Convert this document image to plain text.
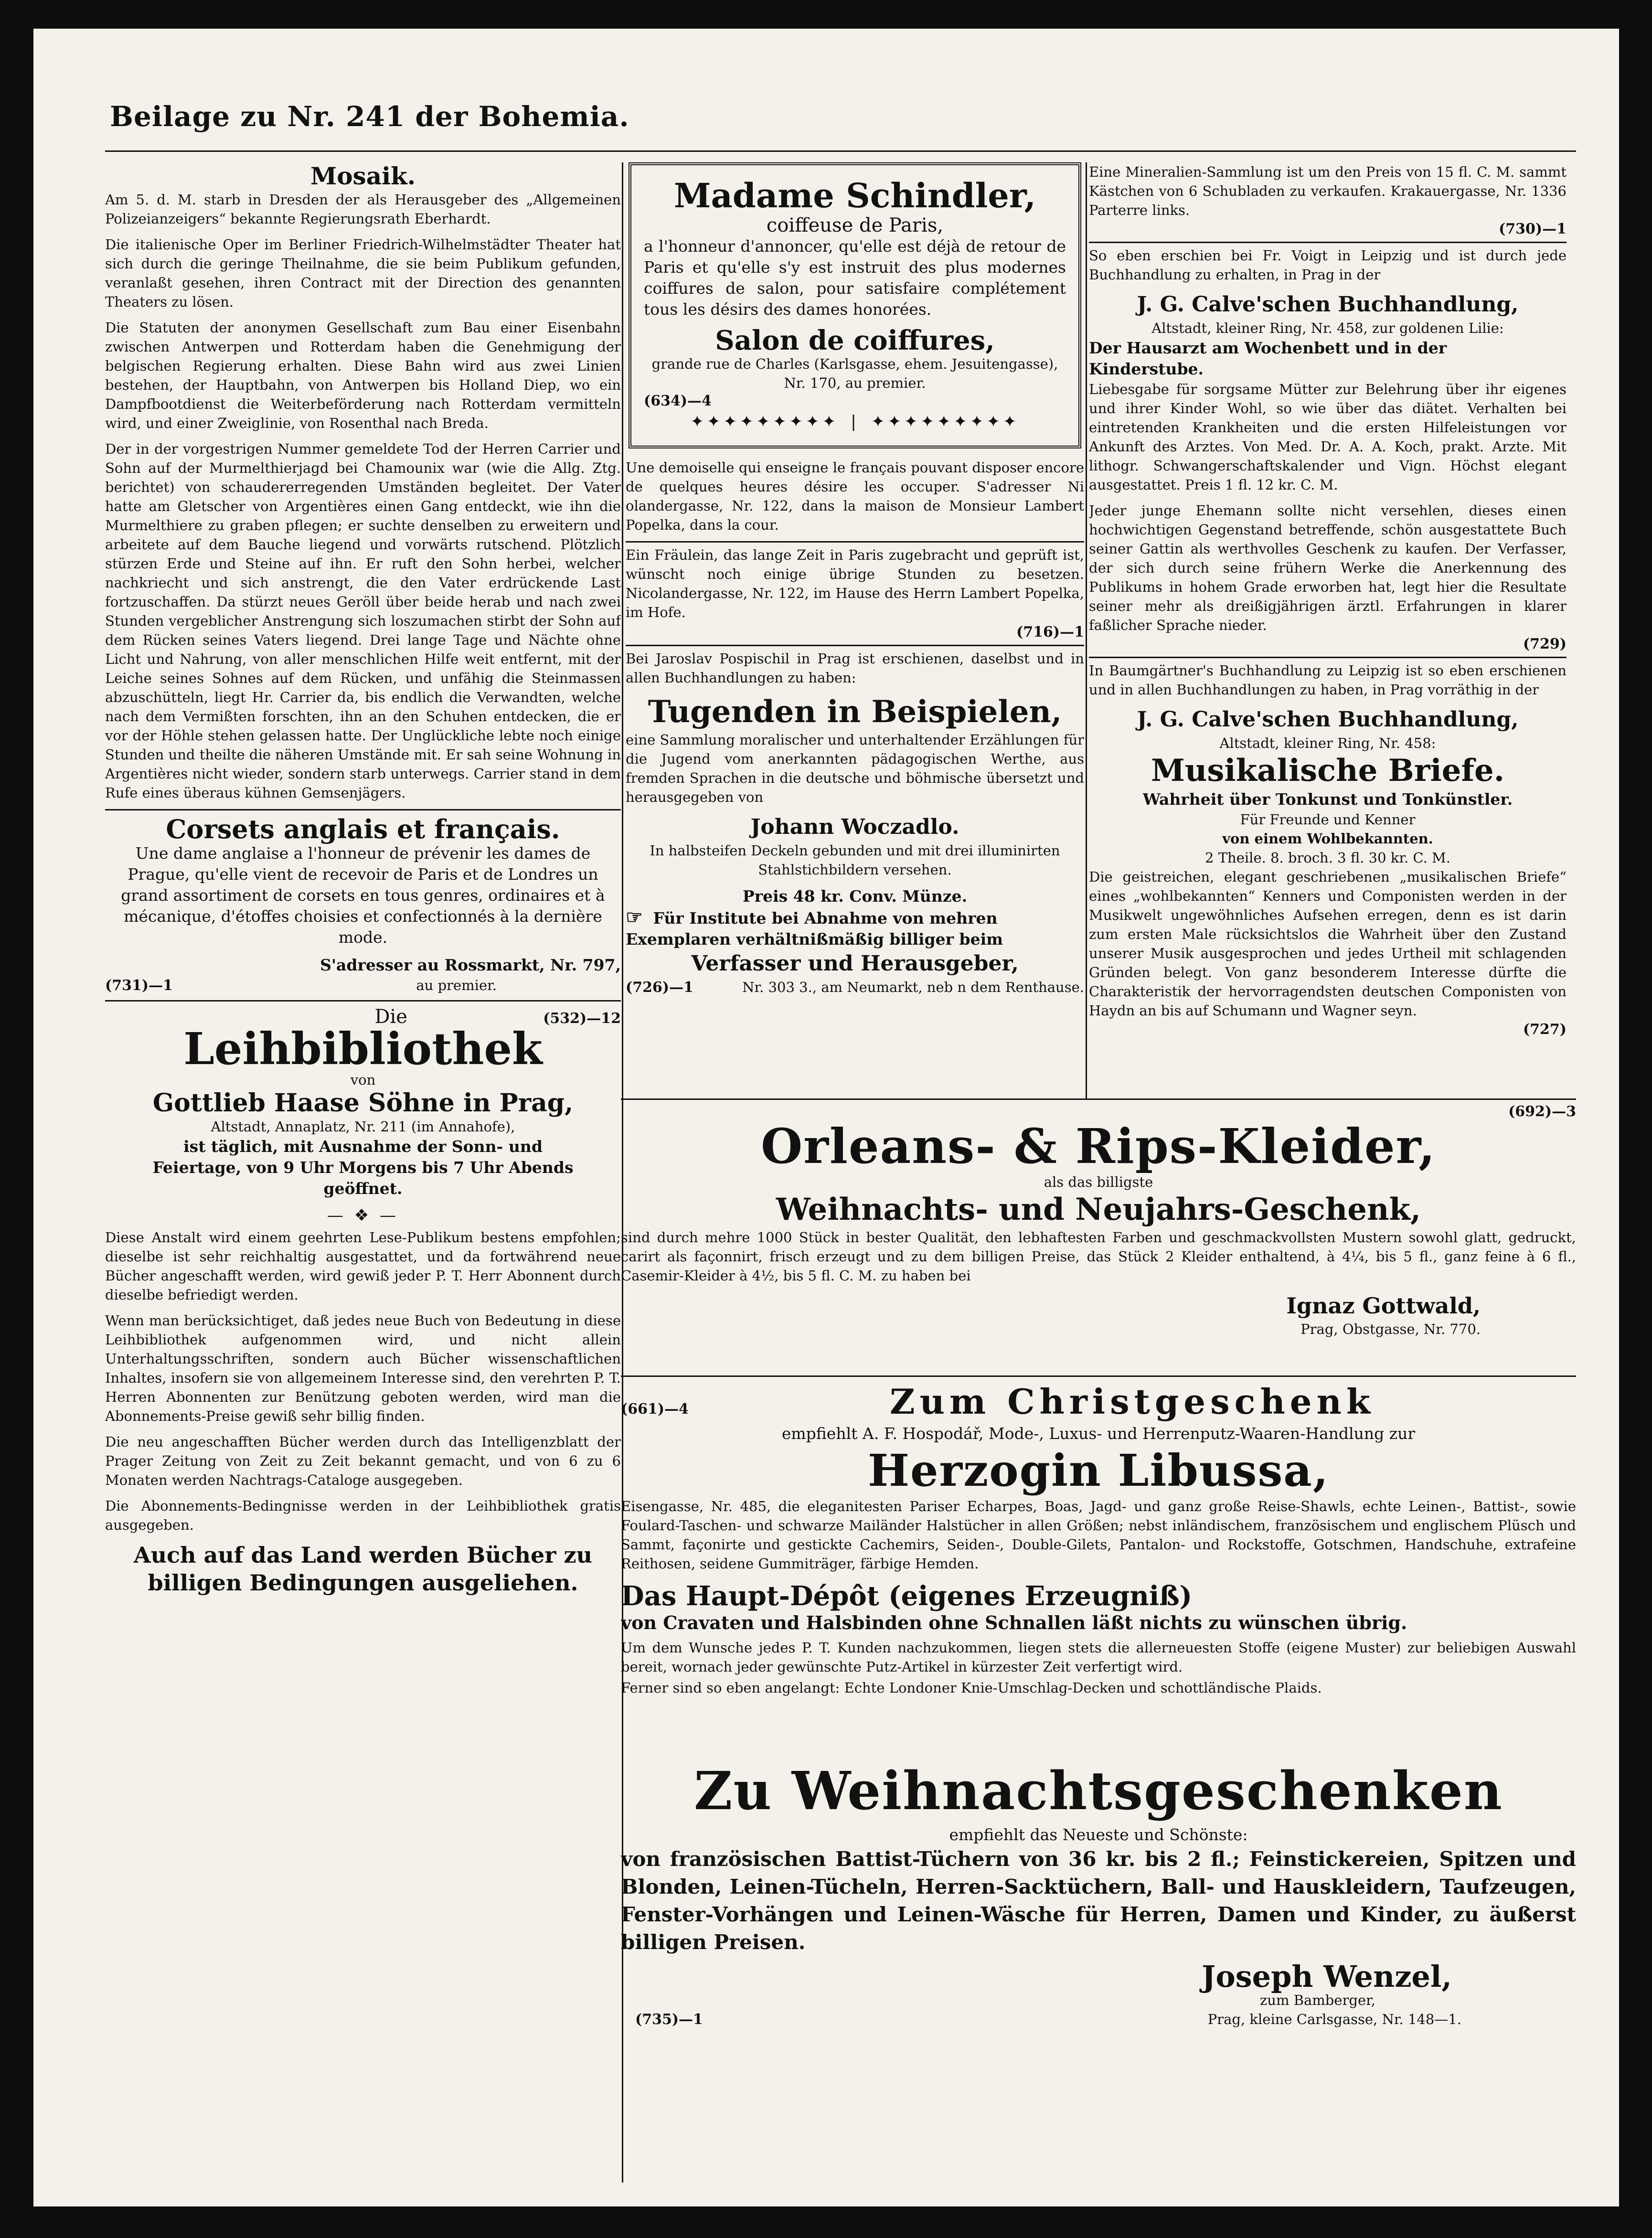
Beilage zu Nr. 241 der Bohemia.
Mosaik.

Am 5. d. M. starb in Dresden der als Herausgeber des „Allgemeinen Polizeianzeigers“ bekannte Regierungsrath Eberhardt.

Die italienische Oper im Berliner Friedrich-Wilhelmstädter Theater hat sich durch die geringe Theilnahme, die sie beim Publikum gefunden, veranlaßt gesehen, ihren Contract mit der Direction des genannten Theaters zu lösen.

Die Statuten der anonymen Gesellschaft zum Bau einer Eisenbahn zwischen Antwerpen und Rotterdam haben die Genehmigung der belgischen Regierung erhalten. Diese Bahn wird aus zwei Linien bestehen, der Hauptbahn, von Antwerpen bis Holland Diep, wo ein Dampfbootdienst die Weiterbeförderung nach Rotterdam vermitteln wird, und einer Zweiglinie, von Rosenthal nach Breda.

Der in der vorgestrigen Nummer gemeldete Tod der Herren Carrier und Sohn auf der Murmelthierjagd bei Chamounix war (wie die Allg. Ztg. berichtet) von schaudererregenden Umständen begleitet. Der Vater hatte am Gletscher von Argentières einen Gang entdeckt, wie ihn die Murmelthiere zu graben pflegen; er suchte denselben zu erweitern und arbeitete auf dem Bauche liegend und vorwärts rutschend. Plötzlich stürzen Erde und Steine auf ihn. Er ruft den Sohn herbei, welcher nachkriecht und sich anstrengt, die den Vater erdrückende Last fortzuschaffen. Da stürzt neues Geröll über beide herab und nach zwei Stunden vergeblicher Anstrengung sich loszumachen stirbt der Sohn auf dem Rücken seines Vaters liegend. Drei lange Tage und Nächte ohne Licht und Nahrung, von aller menschlichen Hilfe weit entfernt, mit der Leiche seines Sohnes auf dem Rücken, und unfähig die Steinmassen abzuschütteln, liegt Hr. Carrier da, bis endlich die Verwandten, welche nach dem Vermißten forschten, ihn an den Schuhen entdecken, die er vor der Höhle stehen gelassen hatte. Der Unglückliche lebte noch einige Stunden und theilte die näheren Umstände mit. Er sah seine Wohnung in Argentières nicht wieder, sondern starb unterwegs. Carrier stand in dem Rufe eines überaus kühnen Gemsenjägers.

Corsets anglais et français.

Une dame anglaise a l'honneur de prévenir les dames de Prague, qu'elle vient de recevoir de Paris et de Londres un grand assortiment de corsets en tous genres, ordinaires et à mécanique, d'étoffes choisies et confectionnés à la dernière mode.

S'adresser au Rossmarkt, Nr. 797,
(731)—1	au premier.
Die	(532)—12
Leihbibliothek
von
Gottlieb Haase Söhne in Prag,
Altstadt, Annaplatz, Nr. 211 (im Annahofe),

ist täglich, mit Ausnahme der Sonn- und Feiertage, von 9 Uhr Morgens bis 7 Uhr Abends geöffnet.

— ❖ —

Diese Anstalt wird einem geehrten Lese-Publikum bestens empfohlen; dieselbe ist sehr reichhaltig ausgestattet, und da fortwährend neue Bücher angeschafft werden, wird gewiß jeder P. T. Herr Abonnent durch dieselbe befriedigt werden.

Wenn man berücksichtiget, daß jedes neue Buch von Bedeutung in diese Leihbibliothek aufgenommen wird, und nicht allein Unterhaltungsschriften, sondern auch Bücher wissenschaftlichen Inhaltes, insofern sie von allgemeinem Interesse sind, den verehrten P. T. Herren Abonnenten zur Benützung geboten werden, wird man die Abonnements-Preise gewiß sehr billig finden.

Die neu angeschafften Bücher werden durch das Intelligenzblatt der Prager Zeitung von Zeit zu Zeit bekannt gemacht, und von 6 zu 6 Monaten werden Nachtrags-Cataloge ausgegeben.

Die Abonnements-Bedingnisse werden in der Leihbibliothek gratis ausgegeben.

Auch auf das Land werden Bücher zu billigen Bedingungen ausgeliehen.
Madame Schindler,
coiffeuse de Paris,

a l'honneur d'annoncer, qu'elle est déjà de retour de Paris et qu'elle s'y est instruit des plus modernes coiffures de salon, pour satisfaire complétement tous les désirs des dames honorées.

Salon de coiffures,
grande rue de Charles (Karlsgasse, ehem. Jesuitengasse), Nr. 170, au premier.
(634)—4
✦✦✦✦✦✦✦✦✦ ❘ ✦✦✦✦✦✦✦✦✦

Une demoiselle qui enseigne le français pouvant disposer encore de quelques heures désire les occuper. S'adresser Ni olandergasse, Nr. 122, dans la maison de Monsieur Lambert Popelka, dans la cour.

Ein Fräulein, das lange Zeit in Paris zugebracht und geprüft ist, wünscht noch einige übrige Stunden zu besetzen. Nicolandergasse, Nr. 122, im Hause des Herrn Lambert Popelka, im Hofe.

(716)—1

Bei Jaroslav Pospischil in Prag ist erschienen, daselbst und in allen Buchhandlungen zu haben:

Tugenden in Beispielen,

eine Sammlung moralischer und unterhaltender Erzählungen für die Jugend vom anerkannten pädagogischen Werthe, aus fremden Sprachen in die deutsche und böhmische übersetzt und herausgegeben von

Johann Woczadlo.

In halbsteifen Deckeln gebunden und mit drei illuminirten Stahlstichbildern versehen.

Preis 48 kr. Conv. Münze.
☞ Für Institute bei Abnahme von mehren Exemplaren verhältnißmäßig billiger beim
Verfasser und Herausgeber,
(726)—1	Nr. 303 3., am Neumarkt, neb n dem Renthause.

Eine Mineralien-Sammlung ist um den Preis von 15 fl. C. M. sammt Kästchen von 6 Schubladen zu verkaufen. Krakauergasse, Nr. 1336 Parterre links.

(730)—1

So eben erschien bei Fr. Voigt in Leipzig und ist durch jede Buchhandlung zu erhalten, in Prag in der

J. G. Calve'schen Buchhandlung,
Altstadt, kleiner Ring, Nr. 458, zur goldenen Lilie:
Der Hausarzt am Wochenbett und in der Kinderstube.

Liebesgabe für sorgsame Mütter zur Belehrung über ihr eigenes und ihrer Kinder Wohl, so wie über das diätet. Verhalten bei eintretenden Krankheiten und die ersten Hilfeleistungen vor Ankunft des Arztes. Von Med. Dr. A. A. Koch, prakt. Arzte. Mit lithogr. Schwangerschaftskalender und Vign. Höchst elegant ausgestattet. Preis 1 fl. 12 kr. C. M.

Jeder junge Ehemann sollte nicht versehlen, dieses einen hochwichtigen Gegenstand betreffende, schön ausgestattete Buch seiner Gattin als werthvolles Geschenk zu kaufen. Der Verfasser, der sich durch seine frühern Werke die Anerkennung des Publikums in hohem Grade erworben hat, legt hier die Resultate seiner mehr als dreißigjährigen ärztl. Erfahrungen in klarer faßlicher Sprache nieder.

(729)

In Baumgärtner's Buchhandlung zu Leipzig ist so eben erschienen und in allen Buchhandlungen zu haben, in Prag vorräthig in der

J. G. Calve'schen Buchhandlung,
Altstadt, kleiner Ring, Nr. 458:
Musikalische Briefe.
Wahrheit über Tonkunst und Tonkünstler.
Für Freunde und Kenner
von einem Wohlbekannten.
2 Theile. 8. broch. 3 fl. 30 kr. C. M.

Die geistreichen, elegant geschriebenen „musikalischen Briefe“ eines „wohlbekannten“ Kenners und Componisten werden in der Musikwelt ungewöhnliches Aufsehen erregen, denn es ist darin zum ersten Male rücksichtslos die Wahrheit über den Zustand unserer Musik ausgesprochen und jedes Urtheil mit schlagenden Gründen belegt. Von ganz besonderem Interesse dürfte die Charakteristik der hervorragendsten deutschen Componisten von Haydn an bis auf Schumann und Wagner seyn.

(727)
(692)—3
Orleans- & Rips-Kleider,
als das billigste
Weihnachts- und Neujahrs-Geschenk,

sind durch mehre 1000 Stück in bester Qualität, den lebhaftesten Farben und geschmackvollsten Mustern sowohl glatt, gedruckt, carirt als façonnirt, frisch erzeugt und zu dem billigen Preise, das Stück 2 Kleider enthaltend, à 4¼, bis 5 fl., ganz feine à 6 fl., Casemir-Kleider à 4½, bis 5 fl. C. M. zu haben bei

Ignaz Gottwald,
Prag, Obstgasse, Nr. 770.
(661)—4	Zum Christgeschenk
empfiehlt A. F. Hospodář, Mode-, Luxus- und Herrenputz-Waaren-Handlung zur
Herzogin Libussa,

Eisengasse, Nr. 485, die eleganitesten Pariser Echarpes, Boas, Jagd- und ganz große Reise-Shawls, echte Leinen-, Battist-, sowie Foulard-Taschen- und schwarze Mailänder Halstücher in allen Größen; nebst inländischem, französischem und englischem Plüsch und Sammt, façonirte und gestickte Cachemirs, Seiden-, Double-Gilets, Pantalon- und Rockstoffe, Gotschmen, Handschuhe, extrafeine Reithosen, seidene Gummiträger, färbige Hemden.

Das Haupt-Dépôt (eigenes Erzeugniß)
von Cravaten und Halsbinden ohne Schnallen läßt nichts zu wünschen übrig.

Um dem Wunsche jedes P. T. Kunden nachzukommen, liegen stets die allerneuesten Stoffe (eigene Muster) zur beliebigen Auswahl bereit, wornach jeder gewünschte Putz-Artikel in kürzester Zeit verfertigt wird.

Ferner sind so eben angelangt: Echte Londoner Knie-Umschlag-Decken und schottländische Plaids.

Zu Weihnachtsgeschenken
empfiehlt das Neueste und Schönste:

von französischen Battist-Tüchern von 36 kr. bis 2 fl.; Feinstickereien, Spitzen und Blonden, Leinen-Tücheln, Herren-Sacktüchern, Ball- und Hauskleidern, Taufzeugen, Fenster-Vorhängen und Leinen-Wäsche für Herren, Damen und Kinder, zu äußerst billigen Preisen.

Joseph Wenzel,
zum Bamberger,
(735)—1	Prag, kleine Carlsgasse, Nr. 148—1.
